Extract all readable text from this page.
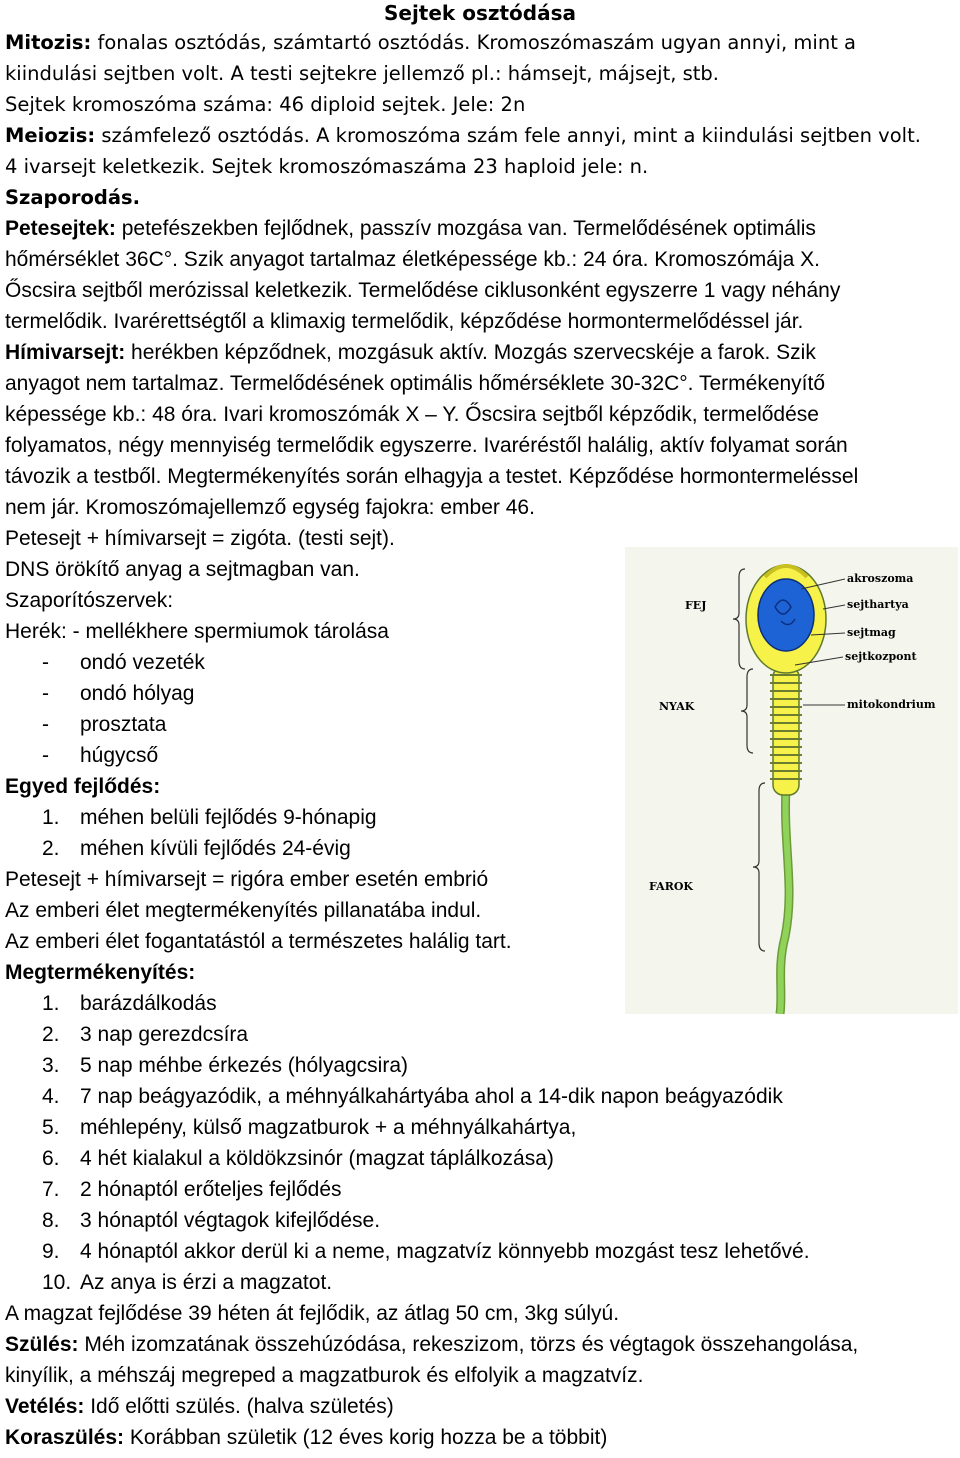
Sejtek osztódása
Mitozis: fonalas osztódás, számtartó osztódás. Kromoszómaszám ugyan annyi, mint a
kiindulási sejtben volt. A testi sejtekre jellemző pl.: hámsejt, májsejt, stb.
Sejtek kromoszóma száma: 46 diploid sejtek. Jele: 2n
Meiozis: számfelező osztódás. A kromoszóma szám fele annyi, mint a kiindulási sejtben volt.
4 ivarsejt keletkezik. Sejtek kromoszómaszáma 23 haploid jele: n.
Szaporodás.
Petesejtek: petefészekben fejlődnek, passzív mozgása van. Termelődésének optimális
hőmérséklet 36C°. Szik anyagot tartalmaz életképessége kb.: 24 óra. Kromoszómája X.
Őscsira sejtből merózissal keletkezik. Termelődése ciklusonként egyszerre 1 vagy néhány
termelődik. Ivarérettségtől a klimaxig termelődik, képződése hormontermelődéssel jár.
Hímivarsejt: herékben képződnek, mozgásuk aktív. Mozgás szervecskéje a farok. Szik
anyagot nem tartalmaz. Termelődésének optimális hőmérséklete 30-32C°. Termékenyítő
képessége kb.: 48 óra. Ivari kromoszómák X – Y. Őscsira sejtből képződik, termelődése
folyamatos, négy mennyiség termelődik egyszerre. Ivaréréstől halálig, aktív folyamat során
távozik a testből. Megtermékenyítés során elhagyja a testet. Képződése hormontermeléssel
nem jár. Kromoszómajellemző egység fajokra: ember 46.
Petesejt + hímivarsejt = zigóta. (testi sejt).
DNS örökítő anyag a sejtmagban van.
Szaporítószervek:
Herék: - mellékhere spermiumok tárolása
- ondó vezeték
- ondó hólyag
- prosztata
- húgycső
Egyed fejlődés:
1. méhen belüli fejlődés 9-hónapig
2. méhen kívüli fejlődés 24-évig
Petesejt + hímivarsejt = rigóra ember esetén embrió
Az emberi élet megtermékenyítés pillanatába indul.
Az emberi élet fogantatástól a természetes halálig tart.
Megtermékenyítés:
1. barázdálkodás
2. 3 nap gerezdcsíra
3. 5 nap méhbe érkezés (hólyagcsira)
4. 7 nap beágyazódik, a méhnyálkahártyába ahol a 14-dik napon beágyazódik
5. méhlepény, külső magzatburok + a méhnyálkahártya,
6. 4 hét kialakul a köldökzsinór (magzat táplálkozása)
7. 2 hónaptól erőteljes fejlődés
8. 3 hónaptól végtagok kifejlődése.
9. 4 hónaptól akkor derül ki a neme, magzatvíz könnyebb mozgást tesz lehetővé.
10. Az anya is érzi a magzatot.
A magzat fejlődése 39 héten át fejlődik, az átlag 50 cm, 3kg súlyú.
Szülés: Méh izomzatának összehúzódása, rekeszizom, törzs és végtagok összehangolása,
kinyílik, a méhszáj megreped a magzatburok és elfolyik a magzatvíz.
Vetélés: Idő előtti szülés. (halva születés)
Koraszülés: Korábban születik (12 éves korig hozza be a többit)
FEJ
NYAK
FAROK
akroszoma
sejthartya
sejtmag
sejtkozpont
mitokondrium
